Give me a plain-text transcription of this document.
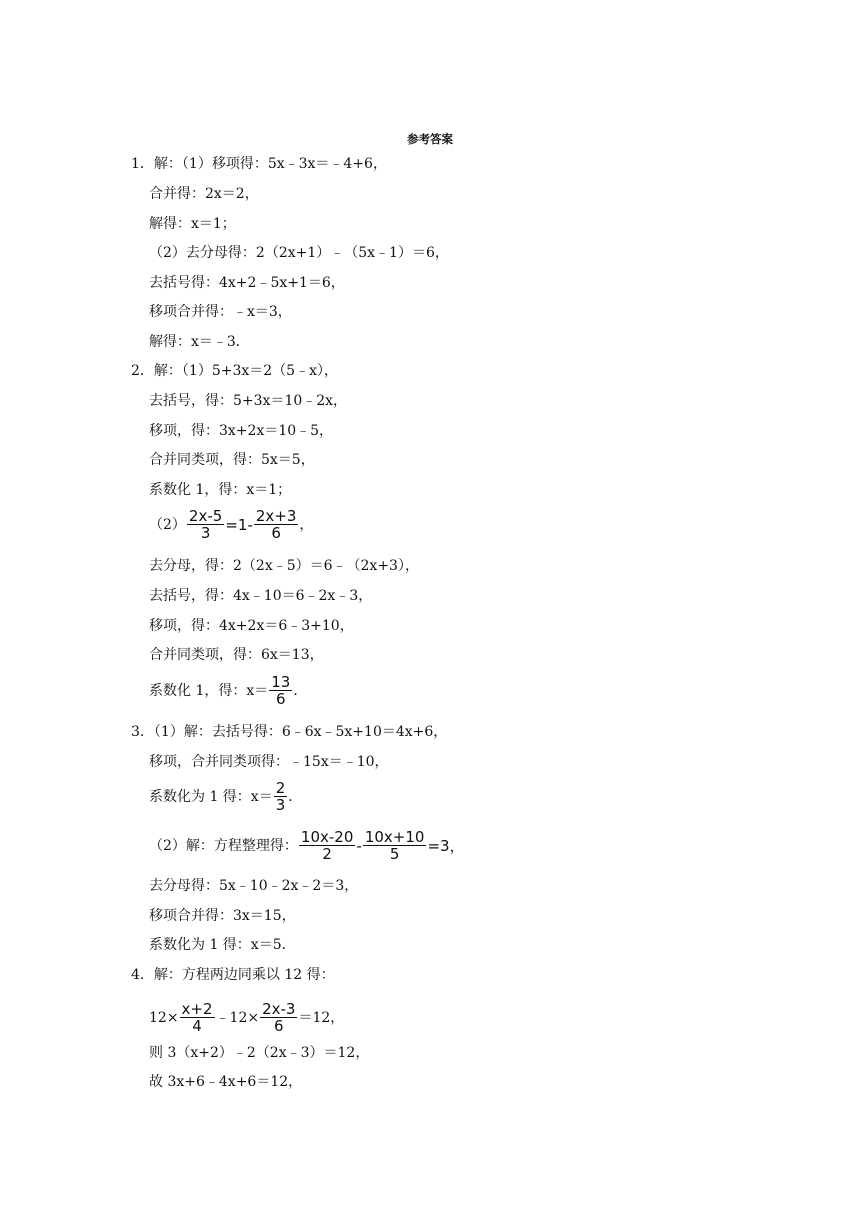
参考答案
1．解：（1）移项得：5x﹣3x＝﹣4+6，
合并得：2x＝2，
解得：x＝1；
（2）去分母得：2（2x+1）﹣（5x﹣1）＝6，
去括号得：4x+2﹣5x+1＝6，
移项合并得：﹣x＝3，
解得：x＝﹣3．
2．解：（1）5+3x＝2（5﹣x），
去括号，得：5+3x＝10﹣2x，
移项，得：3x+2x＝10﹣5，
合并同类项，得：5x＝5，
系数化 1，得：x＝1；
$(2) \frac{2x-5}{3} =1- \frac{2x+3}{6}$ ，
去分母，得：2（2x﹣5）＝6﹣（2x+3），
去括号，得：4x﹣10＝6﹣2x﹣3，
移项，得：4x+2x＝6﹣3+10，
合并同类项，得：6x＝13，
系数化 1，得：$x= \frac{13}{6}$ ．
3．（1）解：去括号得：6﹣6x﹣5x+10＝4x+6，
移项，合并同类项得：﹣15x＝﹣10，
系数化为 1 得：$x= \frac{2}{3}$ ．
（2）解：方程整理得： $\frac{10x-20}{2} - \frac{10x+10}{5} =3$，
去分母得：5x﹣10﹣2x﹣2＝3，
移项合并得：3x＝15，
系数化为 1 得：x＝5．
4．解：方程两边同乘以 12 得：
$12\times \frac{x+2}{4}$ ﹣12× $\frac{2x-3}{6} =12$，
则 3（x+2）﹣2（2x﹣3）＝12，
故 3x+6﹣4x+6＝12，
